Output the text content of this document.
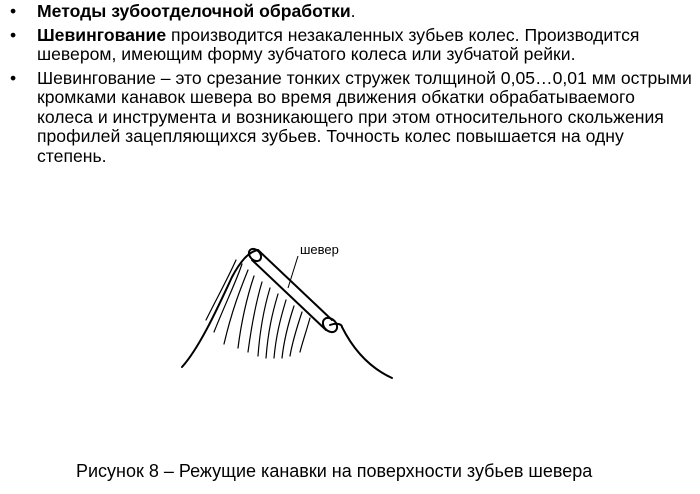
• Методы зубоотделочной обработки.
• Шевингование производится незакаленных зубьев колес. Производится шевером, имеющим форму зубчатого колеса или зубчатой рейки.
• Шевингование – это срезание тонких стружек толщиной 0,05…0,01 мм острыми кромками канавок шевера во время движения обкатки обрабатываемого колеса и инструмента и возникающего при этом относительного скольжения профилей зацепляющихся зубьев. Точность колес повышается на одну степень.
шевер
Рисунок 8 – Режущие канавки на поверхности зубьев шевера
